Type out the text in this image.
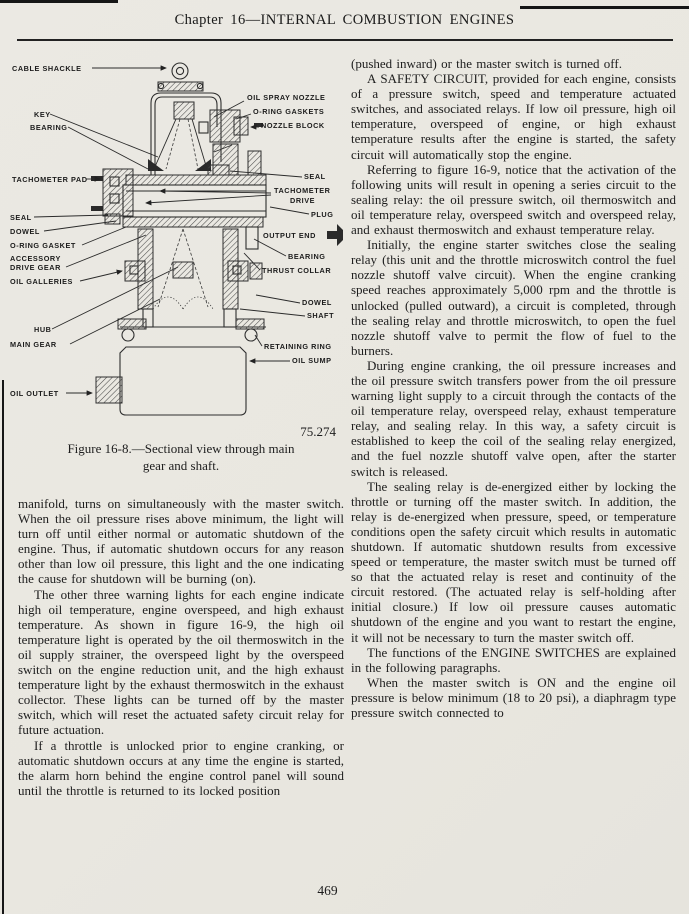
Chapter 16—INTERNAL COMBUSTION ENGINES
CABLE SHACKLE
KEY
BEARING
TACHOMETER PAD
SEAL
DOWEL
O-RING GASKET
ACCESSORY
DRIVE GEAR
OIL GALLERIES
HUB
MAIN GEAR
OIL OUTLET
OIL SPRAY NOZZLE
O-RING GASKETS
NOZZLE BLOCK
SEAL
TACHOMETER
DRIVE
PLUG
OUTPUT END
BEARING
THRUST COLLAR
DOWEL
SHAFT
RETAINING RING
OIL SUMP
75.274
Figure 16-8.—Sectional view through main
gear and shaft.

manifold, turns on simultaneously with the master switch. When the oil pressure rises above minimum, the light will turn off until either normal or automatic shutdown of the engine. Thus, if automatic shutdown occurs for any reason other than low oil pressure, this light and the one indicating the cause for shutdown will be burning (on).

The other three warning lights for each engine indicate high oil temperature, engine overspeed, and high exhaust temperature. As shown in figure 16-9, the high oil temperature light is operated by the oil thermoswitch in the oil supply strainer, the overspeed light by the overspeed switch on the engine reduction unit, and the high exhaust temperature light by the exhaust thermoswitch in the exhaust collector. These lights can be turned off by the master switch, which will reset the actuated safety circuit relay for future actuation.

If a throttle is unlocked prior to engine cranking, or automatic shutdown occurs at any time the engine is started, the alarm horn behind the engine control panel will sound until the throttle is returned to its locked position

(pushed inward) or the master switch is turned off.

A SAFETY CIRCUIT, provided for each engine, consists of a pressure switch, speed and temperature actuated switches, and associated relays. If low oil pressure, high oil temperature, overspeed of engine, or high exhaust temperature results after the engine is started, the safety circuit will automatically stop the engine.

Referring to figure 16-9, notice that the activation of the following units will result in opening a series circuit to the sealing relay: the oil pressure switch, oil thermoswitch and oil temperature relay, overspeed switch and overspeed relay, and exhaust thermoswitch and exhaust temperature relay.

Initially, the engine starter switches close the sealing relay (this unit and the throttle microswitch control the fuel nozzle shutoff valve circuit). When the engine cranking speed reaches approximately 5,000 rpm and the throttle is unlocked (pulled outward), a circuit is completed, through the sealing relay and throttle microswitch, to open the fuel nozzle shutoff valve to permit the flow of fuel to the burners.

During engine cranking, the oil pressure increases and the oil pressure switch transfers power from the oil pressure warning light supply to a circuit through the contacts of the oil temperature relay, overspeed relay, exhaust temperature relay, and sealing relay. In this way, a safety circuit is established to keep the coil of the sealing relay energized, and the fuel nozzle shutoff valve open, after the starter switch is released.

The sealing relay is de-energized either by locking the throttle or turning off the master switch. In addition, the relay is de-energized when pressure, speed, or temperature conditions open the safety circuit which results in automatic shutdown. If automatic shutdown results from excessive speed or temperature, the master switch must be turned off so that the actuated relay is reset and continuity of the circuit restored. (The actuated relay is self-holding after initial closure.) If low oil pressure causes automatic shutdown of the engine and you want to restart the engine, it will not be necessary to turn the master switch off.

The functions of the ENGINE SWITCHES are explained in the following paragraphs.

When the master switch is ON and the engine oil pressure is below minimum (18 to 20 psi), a diaphragm type pressure switch connected to

469
